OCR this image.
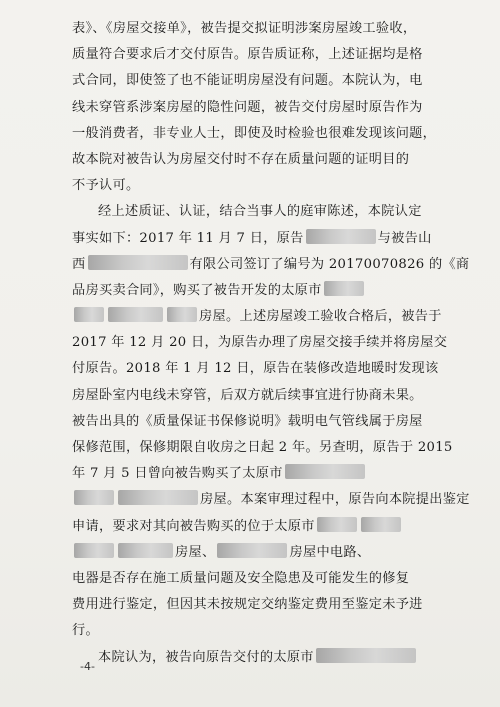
表》、《房屋交接单》，被告提交拟证明涉案房屋竣工验收，
质量符合要求后才交付原告。原告质证称，上述证据均是格
式合同，即使签了也不能证明房屋没有问题。本院认为，电
线未穿管系涉案房屋的隐性问题，被告交付房屋时原告作为
一般消费者，非专业人士，即使及时检验也很难发现该问题，
故本院对被告认为房屋交付时不存在质量问题的证明目的
不予认可。
经上述质证、认证，结合当事人的庭审陈述，本院认定
事实如下：2017 年 11 月 7 日，原告	与被告山
西	有限公司签订了编号为 20170070826 的《商
品房买卖合同》，购买了被告开发的太原市
房屋。上述房屋竣工验收合格后，被告于
2017 年 12 月 20 日，为原告办理了房屋交接手续并将房屋交
付原告。2018 年 1 月 12 日，原告在装修改造地暖时发现该
房屋卧室内电线未穿管，后双方就后续事宜进行协商未果。
被告出具的《质量保证书保修说明》载明电气管线属于房屋
保修范围，保修期限自收房之日起 2 年。另查明，原告于 2015
年 7 月 5 日曾向被告购买了太原市
房屋。本案审理过程中，原告向本院提出鉴定
申请，要求对其向被告购买的位于太原市
房屋、	房屋中电路、
电器是否存在施工质量问题及安全隐患及可能发生的修复
费用进行鉴定，但因其未按规定交纳鉴定费用至鉴定未予进
行。
本院认为，被告向原告交付的太原市
-4-
